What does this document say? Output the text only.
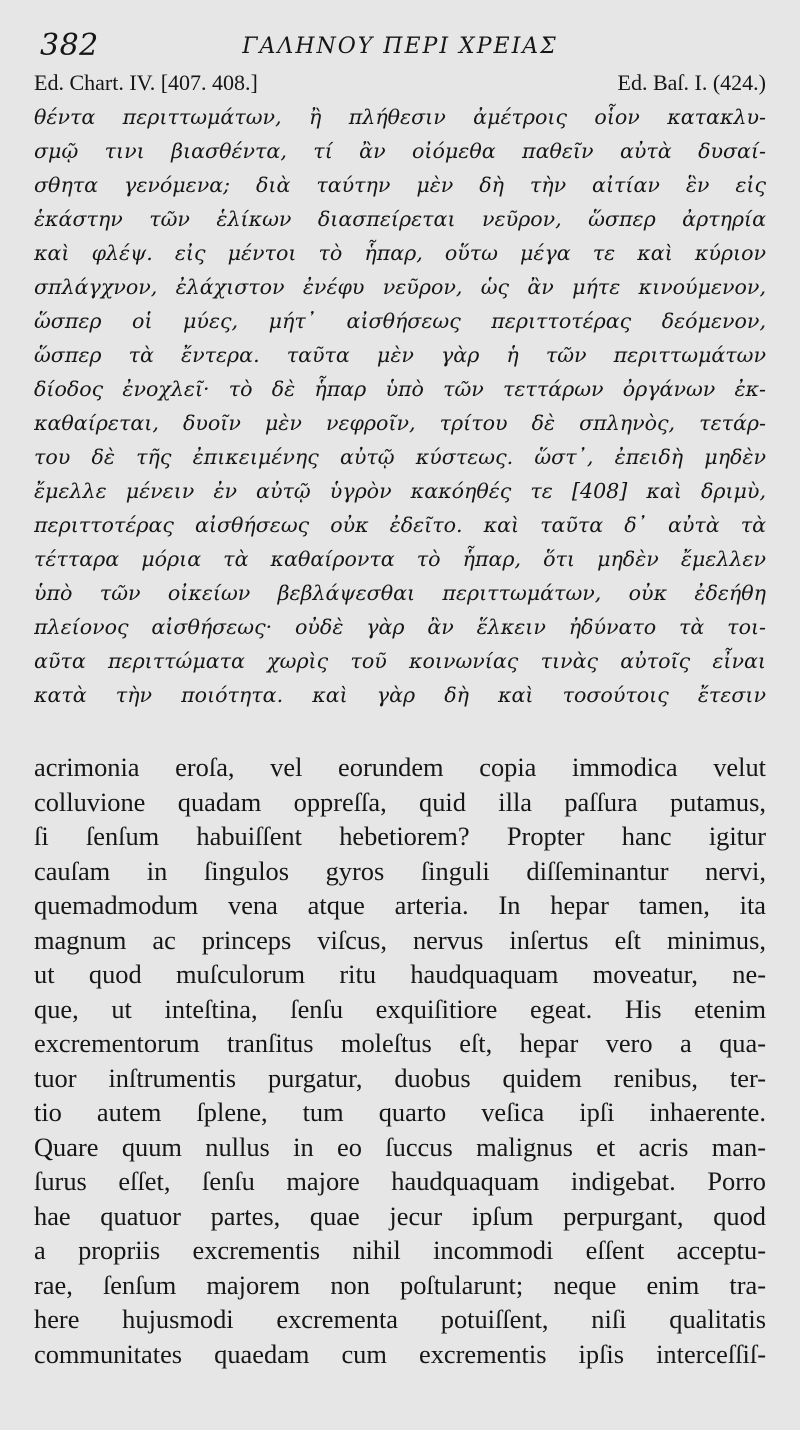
382	ΓΑΛΗΝΟΥ ΠΕΡΙ ΧΡΕΙΑΣ
Ed. Chart. IV. [407. 408.]	Ed. Baſ. I. (424.)
θέντα περιττωμάτων, ἢ πλήθεσιν ἀμέτροις οἷον κατακλυ-
σμῷ τινι βιασθέντα, τί ἂν οἰόμεθα παθεῖν αὐτὰ δυσαί-
σθητα γενόμενα; διὰ ταύτην μὲν δὴ τὴν αἰτίαν ἓν εἰς
ἑκάστην τῶν ἑλίκων διασπείρεται νεῦρον, ὥσπερ ἀρτηρία
καὶ φλέψ. εἰς μέντοι τὸ ἧπαρ, οὕτω μέγα τε καὶ κύριον
σπλάγχνον, ἐλάχιστον ἐνέφυ νεῦρον, ὡς ἂν μήτε κινούμενον,
ὥσπερ οἱ μύες, μήτ᾽ αἰσθήσεως περιττοτέρας δεόμενον,
ὥσπερ τὰ ἔντερα. ταῦτα μὲν γὰρ ἡ τῶν περιττωμάτων
δίοδος ἐνοχλεῖ· τὸ δὲ ἧπαρ ὑπὸ τῶν τεττάρων ὀργάνων ἐκ-
καθαίρεται, δυοῖν μὲν νεφροῖν, τρίτου δὲ σπληνὸς, τετάρ-
του δὲ τῆς ἐπικειμένης αὐτῷ κύστεως. ὥστ᾽, ἐπειδὴ μηδὲν
ἔμελλε μένειν ἐν αὐτῷ ὑγρὸν κακόηθές τε [408] καὶ δριμὺ,
περιττοτέρας αἰσθήσεως οὐκ ἐδεῖτο. καὶ ταῦτα δ᾽ αὐτὰ τὰ
τέτταρα μόρια τὰ καθαίροντα τὸ ἧπαρ, ὅτι μηδὲν ἔμελλεν
ὑπὸ τῶν οἰκείων βεβλάψεσθαι περιττωμάτων, οὐκ ἐδεήθη
πλείονος αἰσθήσεως· οὐδὲ γὰρ ἂν ἕλκειν ἠδύνατο τὰ τοι-
αῦτα περιττώματα χωρὶς τοῦ κοινωνίας τινὰς αὐτοῖς εἶναι
κατὰ τὴν ποιότητα. καὶ γὰρ δὴ καὶ τοσούτοις ἔτεσιν
acrimonia eroſa, vel eorundem copia immodica velut
colluvione quadam oppreſſa, quid illa paſſura putamus,
ſi ſenſum habuiſſent hebetiorem? Propter hanc igitur
cauſam in ſingulos gyros ſinguli diſſeminantur nervi,
quemadmodum vena atque arteria. In hepar tamen, ita
magnum ac princeps viſcus, nervus inſertus eſt minimus,
ut quod muſculorum ritu haudquaquam moveatur, ne-
que, ut inteſtina, ſenſu exquiſitiore egeat. His etenim
excrementorum tranſitus moleſtus eſt, hepar vero a qua-
tuor inſtrumentis purgatur, duobus quidem renibus, ter-
tio autem ſplene, tum quarto veſica ipſi inhaerente.
Quare quum nullus in eo ſuccus malignus et acris man-
ſurus eſſet, ſenſu majore haudquaquam indigebat. Porro
hae quatuor partes, quae jecur ipſum perpurgant, quod
a propriis excrementis nihil incommodi eſſent acceptu-
rae, ſenſum majorem non poſtularunt; neque enim tra-
here hujusmodi excrementa potuiſſent, niſi qualitatis
communitates quaedam cum excrementis ipſis interceſſiſ-
